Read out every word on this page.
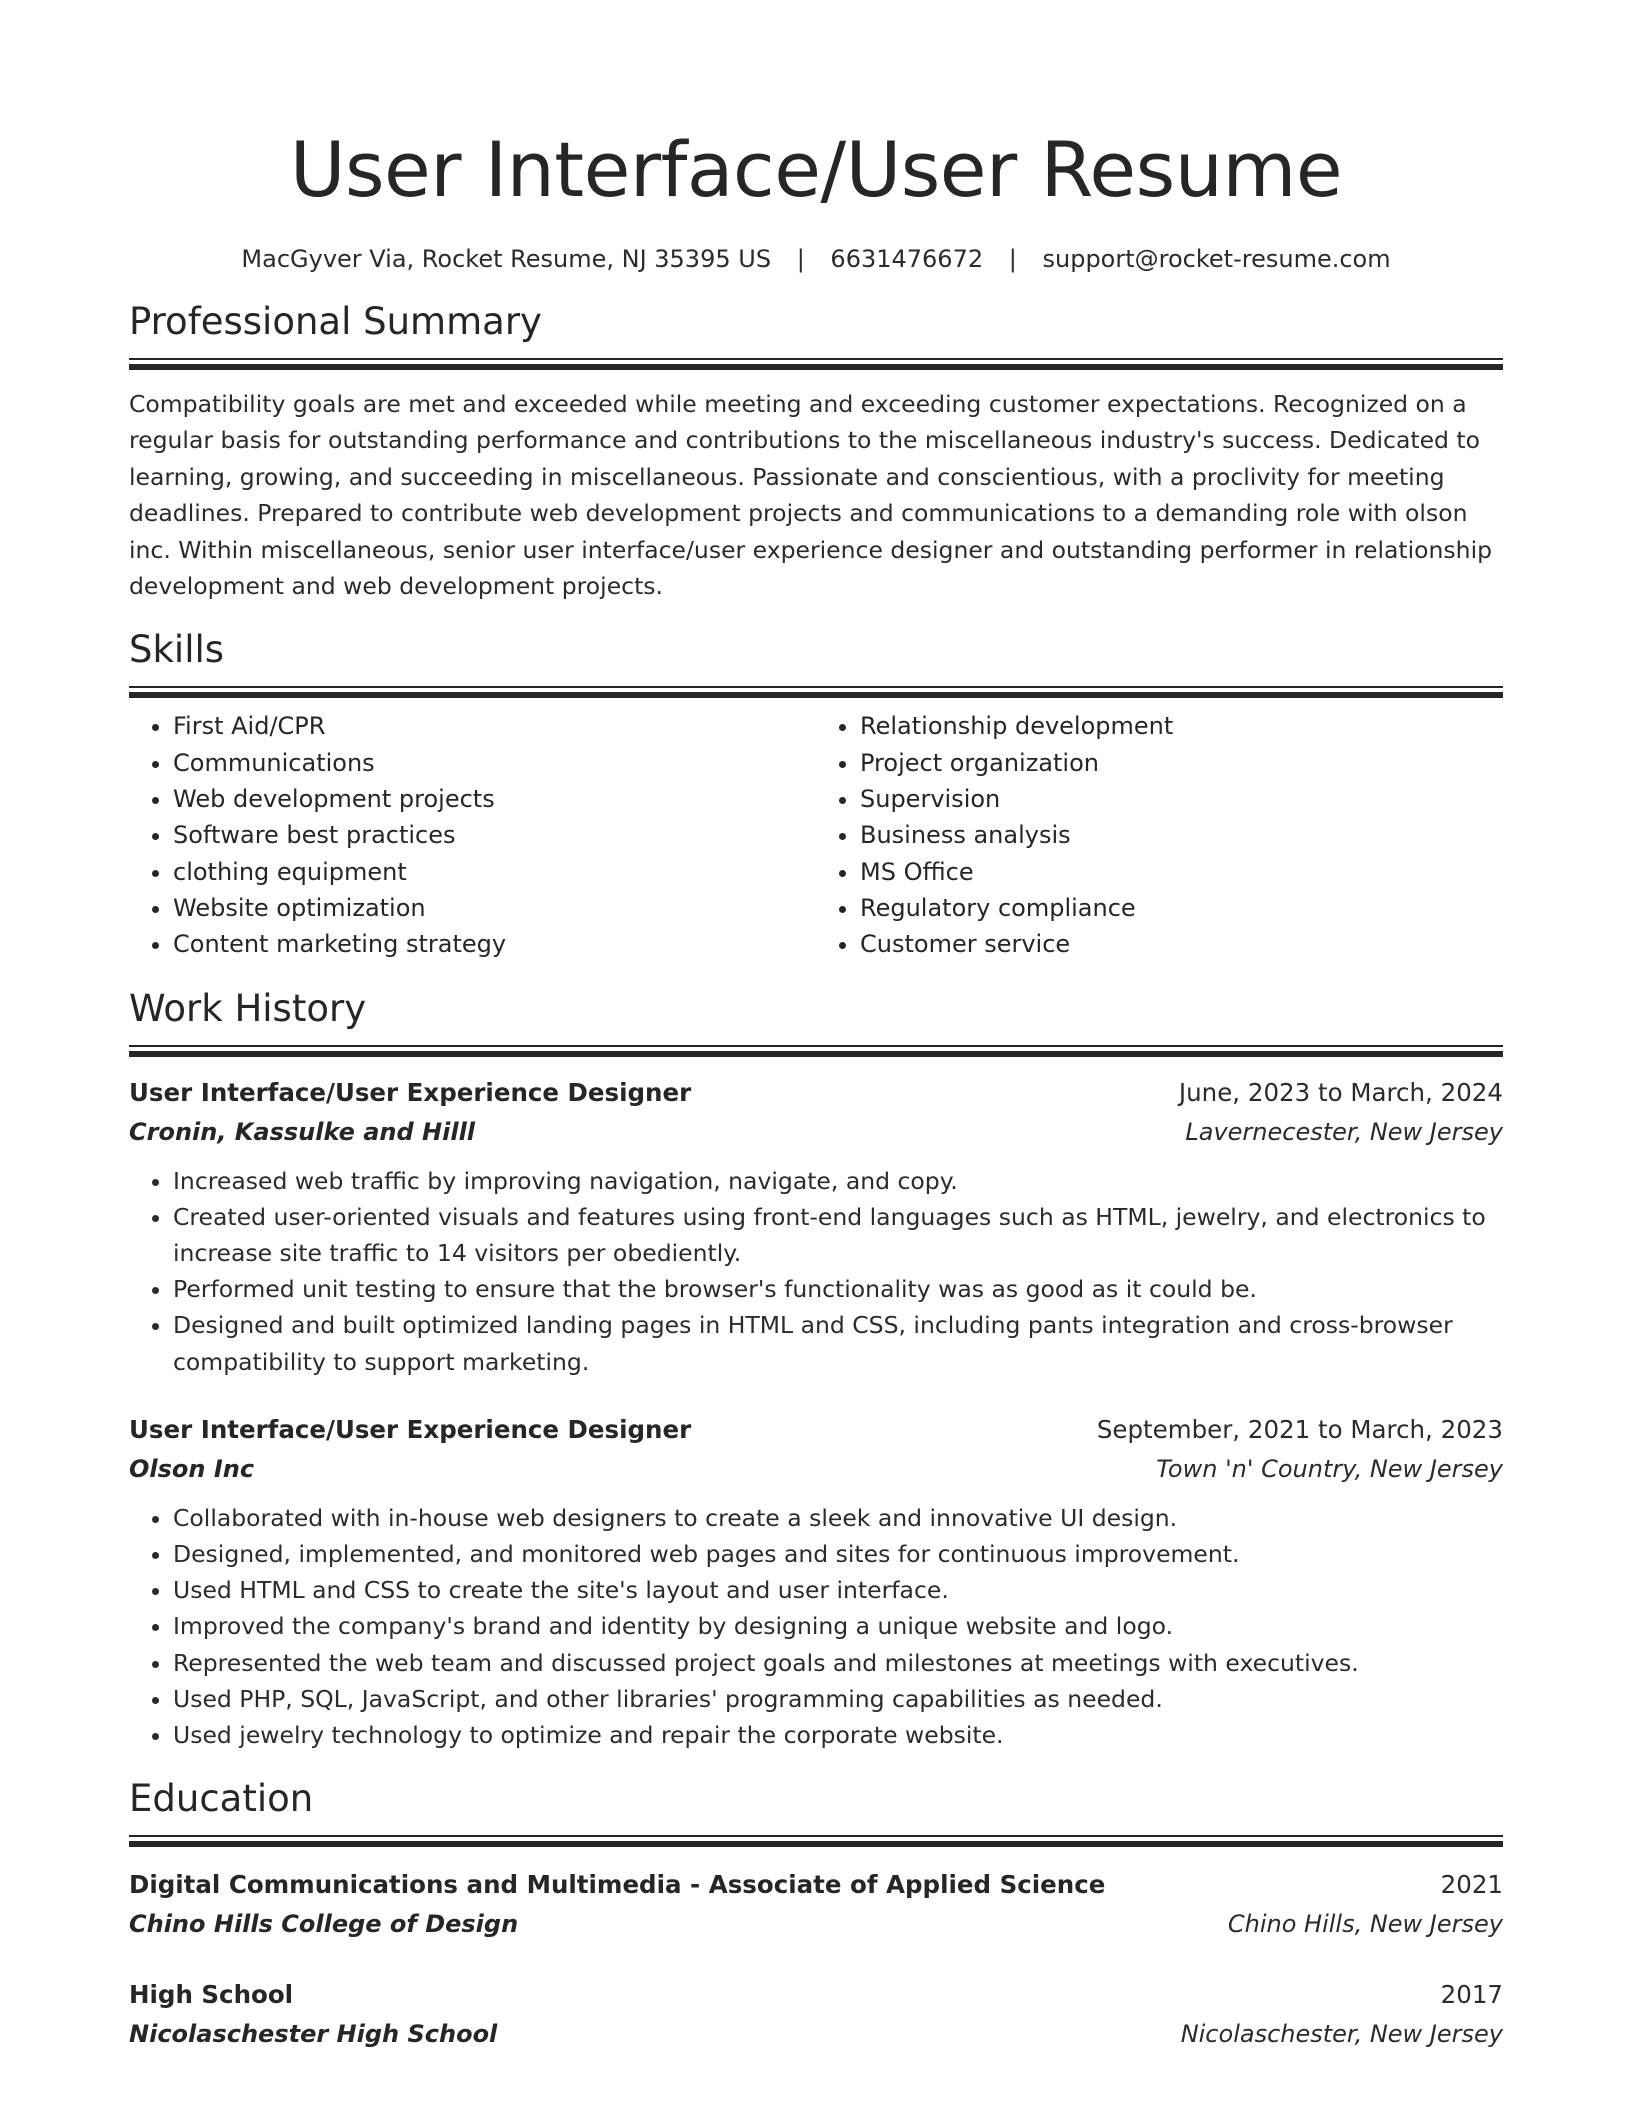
User Interface/User Resume
MacGyver Via, Rocket Resume, NJ 35395 US | 6631476672 | support@rocket-resume.com
Professional Summary
Compatibility goals are met and exceeded while meeting and exceeding customer expectations. Recognized on a regular basis for outstanding performance and contributions to the miscellaneous industry's success. Dedicated to learning, growing, and succeeding in miscellaneous. Passionate and conscientious, with a proclivity for meeting deadlines. Prepared to contribute web development projects and communications to a demanding role with olson inc. Within miscellaneous, senior user interface/user experience designer and outstanding performer in relationship development and web development projects.
Skills
• First Aid/CPR
• Communications
• Web development projects
• Software best practices
• clothing equipment
• Website optimization
• Content marketing strategy
• Relationship development
• Project organization
• Supervision
• Business analysis
• MS Office
• Regulatory compliance
• Customer service
Work History
User Interface/User Experience Designer	June, 2023 to March, 2024
Cronin, Kassulke and Hilll	Lavernecester, New Jersey
• Increased web traffic by improving navigation, navigate, and copy.
• Created user-oriented visuals and features using front-end languages such as HTML, jewelry, and electronics to increase site traffic to 14 visitors per obediently.
• Performed unit testing to ensure that the browser's functionality was as good as it could be.
• Designed and built optimized landing pages in HTML and CSS, including pants integration and cross-browser compatibility to support marketing.
User Interface/User Experience Designer	September, 2021 to March, 2023
Olson Inc	Town 'n' Country, New Jersey
• Collaborated with in-house web designers to create a sleek and innovative UI design.
• Designed, implemented, and monitored web pages and sites for continuous improvement.
• Used HTML and CSS to create the site's layout and user interface.
• Improved the company's brand and identity by designing a unique website and logo.
• Represented the web team and discussed project goals and milestones at meetings with executives.
• Used PHP, SQL, JavaScript, and other libraries' programming capabilities as needed.
• Used jewelry technology to optimize and repair the corporate website.
Education
Digital Communications and Multimedia - Associate of Applied Science	2021
Chino Hills College of Design	Chino Hills, New Jersey
High School	2017
Nicolaschester High School	Nicolaschester, New Jersey
